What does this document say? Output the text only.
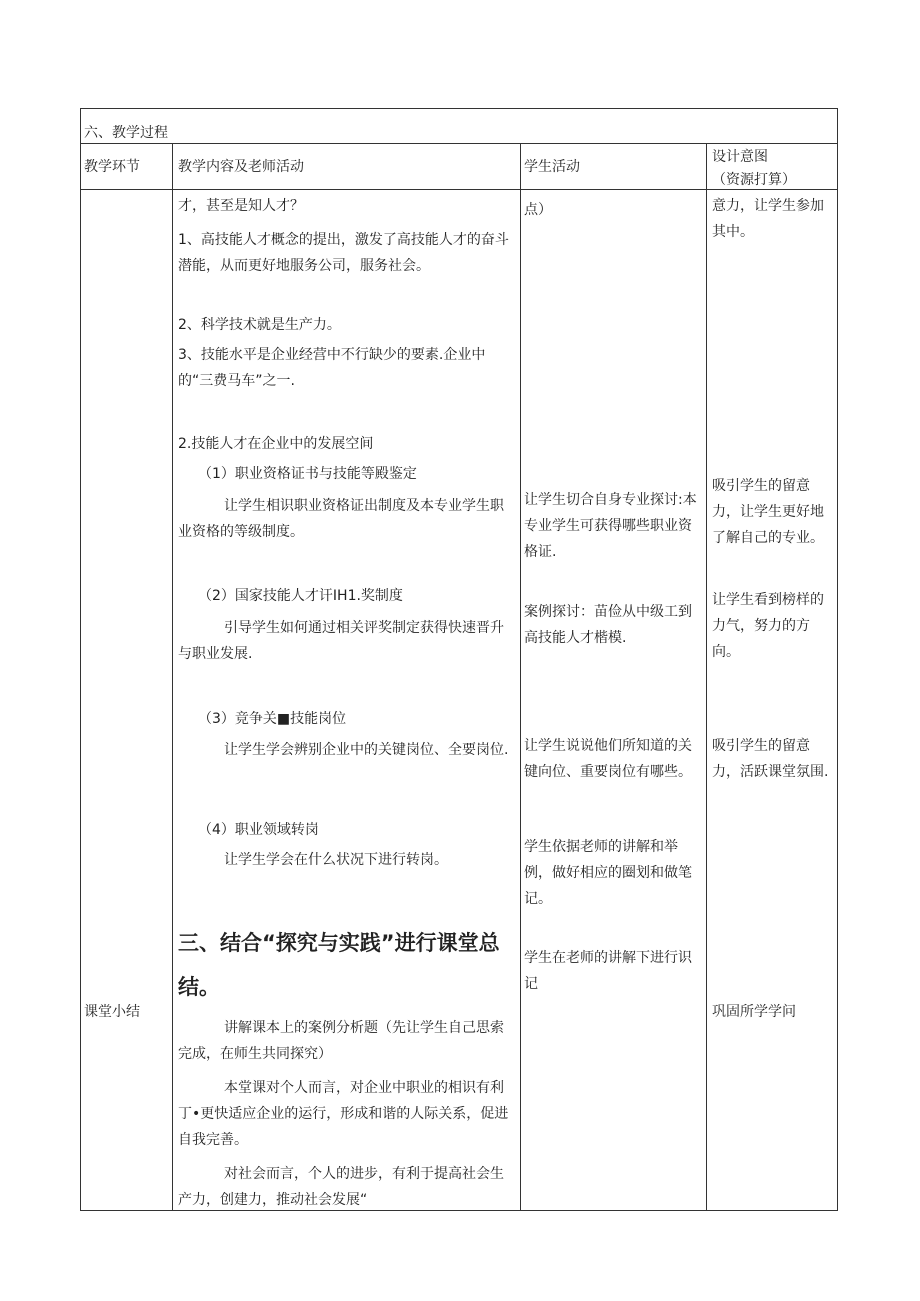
六、教学过程
教学环节	教学内容及老师活动	学生活动
设计意图
（资源打算）
课堂小结
才，甚至是知人才？
1、高技能人才概念的提出，激发了高技能人才的奋斗潜能，从而更好地服务公司，服务社会。
2、科学技术就是生产力。
3、技能水平是企业经营中不行缺少的要素.企业中的“三费马车”之一.
2.技能人才在企业中的发展空间
（1）职业资格证书与技能等殿鉴定
让学生相识职业资格证出制度及本专业学生职业资格的等级制度。
（2）国家技能人才讦IH1.奖制度
引导学生如何通过相关评奖制定获得快速晋升与职业发展.
（3）竞争关■技能岗位
让学生学会辨别企业中的关键岗位、全要岗位.
（4）职业领域转岗
让学生学会在什么状况下进行转岗。
三、结合“探究与实践”进行课堂总结。
讲解课本上的案例分析题（先让学生自己思索完成，在师生共同探究）
本堂课对个人而言，对企业中职业的相识有利丁•更快适应企业的运行，形成和谐的人际关系，促进自我完善。
对社会而言，个人的进步，有利于提高社会生产力，创建力，推动社会发展“
点）
让学生切合自身专业探讨:本专业学生可获得哪些职业资格证.
案例探讨：苗俭从中级工到高技能人才楷模.
让学生说说他们所知道的关键向位、重要岗位有哪些。
学生依据老师的讲解和举例，做好相应的圈划和做笔记。
学生在老师的讲解下进行识记
意力，让学生参加其中。
吸引学生的留意力，让学生更好地了解自己的专业。
让学生看到榜样的力气，努力的方向。
吸引学生的留意力，活跃课堂氛围.
巩固所学学问
